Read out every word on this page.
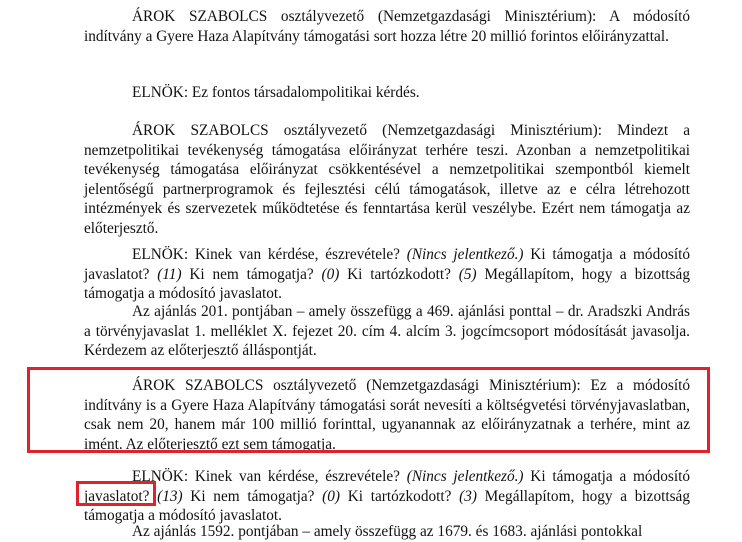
ÁROK SZABOLCS osztályvezető (Nemzetgazdasági Minisztérium): A módosító indítvány a Gyere Haza Alapítvány támogatási sort hozza létre 20 millió forintos előirányzattal.

ELNÖK: Ez fontos társadalompolitikai kérdés.

ÁROK SZABOLCS osztályvezető (Nemzetgazdasági Minisztérium): Mindezt a nemzetpolitikai tevékenység támogatása előirányzat terhére teszi. Azonban a nemzetpolitikai tevékenység támogatása előirányzat csökkentésével a nemzetpolitikai szempontból kiemelt jelentőségű partnerprogramok és fejlesztési célú támogatások, illetve az e célra létrehozott intézmények és szervezetek működtetése és fenntartása kerül veszélybe. Ezért nem támogatja az előterjesztő.

ELNÖK: Kinek van kérdése, észrevétele? (Nincs jelentkező.) Ki támogatja a módosító javaslatot? (11) Ki nem támogatja? (0) Ki tartózkodott? (5) Megállapítom, hogy a bizottság támogatja a módosító javaslatot.

Az ajánlás 201. pontjában – amely összefügg a 469. ajánlási ponttal – dr. Aradszki András a törvényjavaslat 1. melléklet X. fejezet 20. cím 4. alcím 3. jogcímcsoport módosítását javasolja. Kérdezem az előterjesztő álláspontját.

ÁROK SZABOLCS osztályvezető (Nemzetgazdasági Minisztérium): Ez a módosító indítvány is a Gyere Haza Alapítvány támogatási sorát nevesíti a költségvetési törvényjavaslatban, csak nem 20, hanem már 100 millió forinttal, ugyanannak az előirányzatnak a terhére, mint az imént. Az előterjesztő ezt sem támogatja.

ELNÖK: Kinek van kérdése, észrevétele? (Nincs jelentkező.) Ki támogatja a módosító javaslatot? (13) Ki nem támogatja? (0) Ki tartózkodott? (3) Megállapítom, hogy a bizottság támogatja a módosító javaslatot.

Az ajánlás 1592. pontjában – amely összefügg az 1679. és 1683. ajánlási pontokkal
